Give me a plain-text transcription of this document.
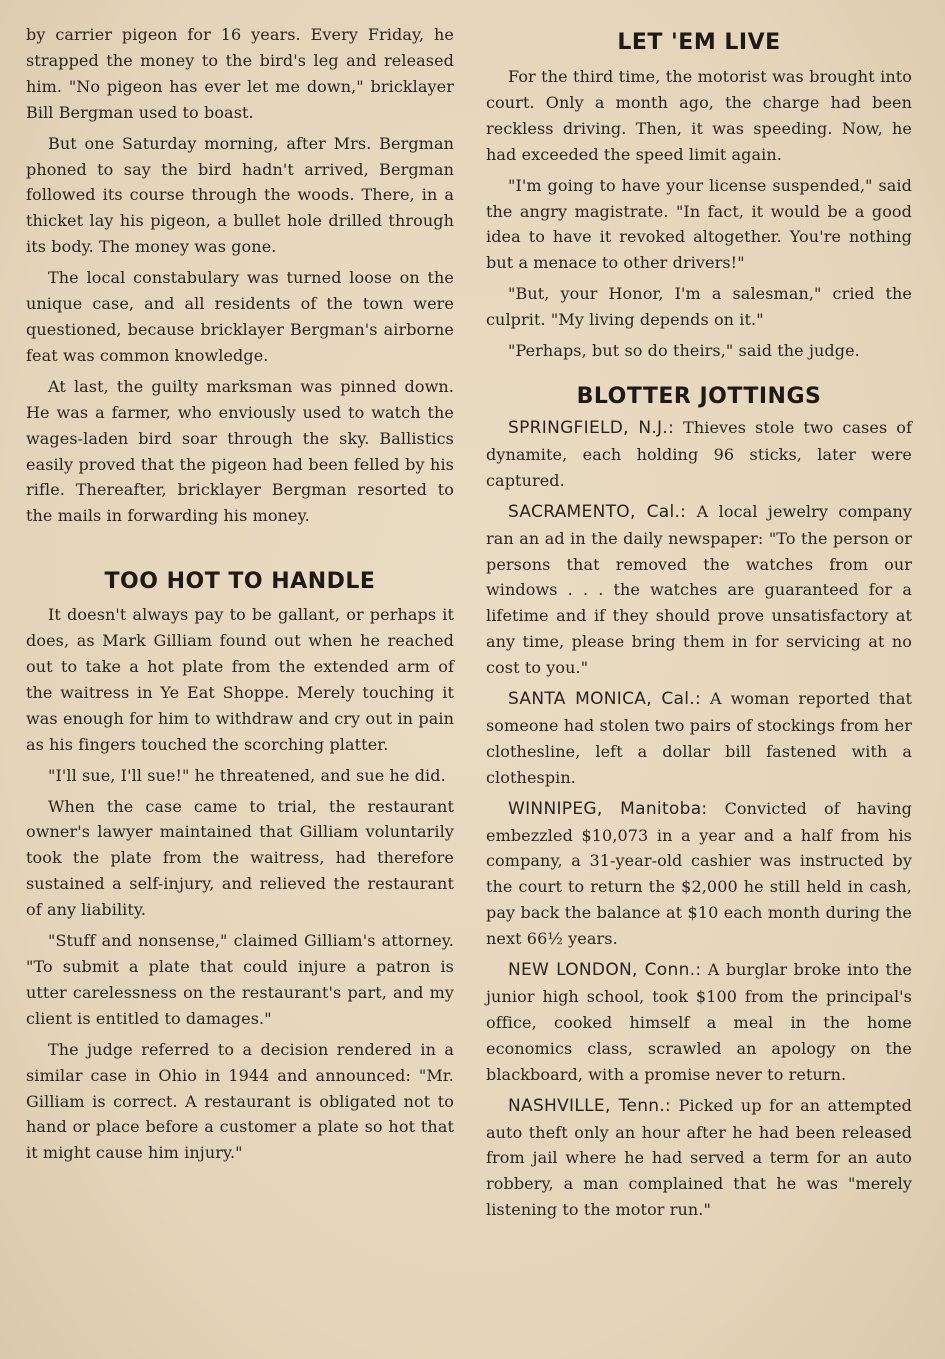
by carrier pigeon for 16 years. Every Friday, he strapped the money to the bird's leg and released him. "No pigeon has ever let me down," bricklayer Bill Bergman used to boast.

But one Saturday morning, after Mrs. Bergman phoned to say the bird hadn't arrived, Bergman followed its course through the woods. There, in a thicket lay his pigeon, a bullet hole drilled through its body. The money was gone.

The local constabulary was turned loose on the unique case, and all residents of the town were questioned, because bricklayer Bergman's airborne feat was common knowledge.

At last, the guilty marksman was pinned down. He was a farmer, who enviously used to watch the wages-laden bird soar through the sky. Ballistics easily proved that the pigeon had been felled by his rifle. Thereafter, bricklayer Bergman resorted to the mails in forwarding his money.

TOO HOT TO HANDLE

It doesn't always pay to be gallant, or perhaps it does, as Mark Gilliam found out when he reached out to take a hot plate from the extended arm of the waitress in Ye Eat Shoppe. Merely touching it was enough for him to withdraw and cry out in pain as his fingers touched the scorching platter.

"I'll sue, I'll sue!" he threatened, and sue he did.

When the case came to trial, the restaurant owner's lawyer maintained that Gilliam voluntarily took the plate from the waitress, had therefore sustained a self-injury, and relieved the restaurant of any liability.

"Stuff and nonsense," claimed Gilliam's attorney. "To submit a plate that could injure a patron is utter carelessness on the restaurant's part, and my client is entitled to damages."

The judge referred to a decision rendered in a similar case in Ohio in 1944 and announced: "Mr. Gilliam is correct. A restaurant is obligated not to hand or place before a customer a plate so hot that it might cause him injury."

LET 'EM LIVE

For the third time, the motorist was brought into court. Only a month ago, the charge had been reckless driving. Then, it was speeding. Now, he had exceeded the speed limit again.

"I'm going to have your license suspended," said the angry magistrate. "In fact, it would be a good idea to have it revoked altogether. You're nothing but a menace to other drivers!"

"But, your Honor, I'm a salesman," cried the culprit. "My living depends on it."

"Perhaps, but so do theirs," said the judge.

BLOTTER JOTTINGS

SPRINGFIELD, N.J.: Thieves stole two cases of dynamite, each holding 96 sticks, later were captured.

SACRAMENTO, Cal.: A local jewelry company ran an ad in the daily newspaper: "To the person or persons that removed the watches from our windows . . . the watches are guaranteed for a lifetime and if they should prove unsatisfactory at any time, please bring them in for servicing at no cost to you."

SANTA MONICA, Cal.: A woman reported that someone had stolen two pairs of stockings from her clothesline, left a dollar bill fastened with a clothespin.

WINNIPEG, Manitoba: Convicted of having embezzled $10,073 in a year and a half from his company, a 31-year-old cashier was instructed by the court to return the $2,000 he still held in cash, pay back the balance at $10 each month during the next 66½ years.

NEW LONDON, Conn.: A burglar broke into the junior high school, took $100 from the principal's office, cooked himself a meal in the home economics class, scrawled an apology on the blackboard, with a promise never to return.

NASHVILLE, Tenn.: Picked up for an attempted auto theft only an hour after he had been released from jail where he had served a term for an auto robbery, a man complained that he was "merely listening to the motor run."
